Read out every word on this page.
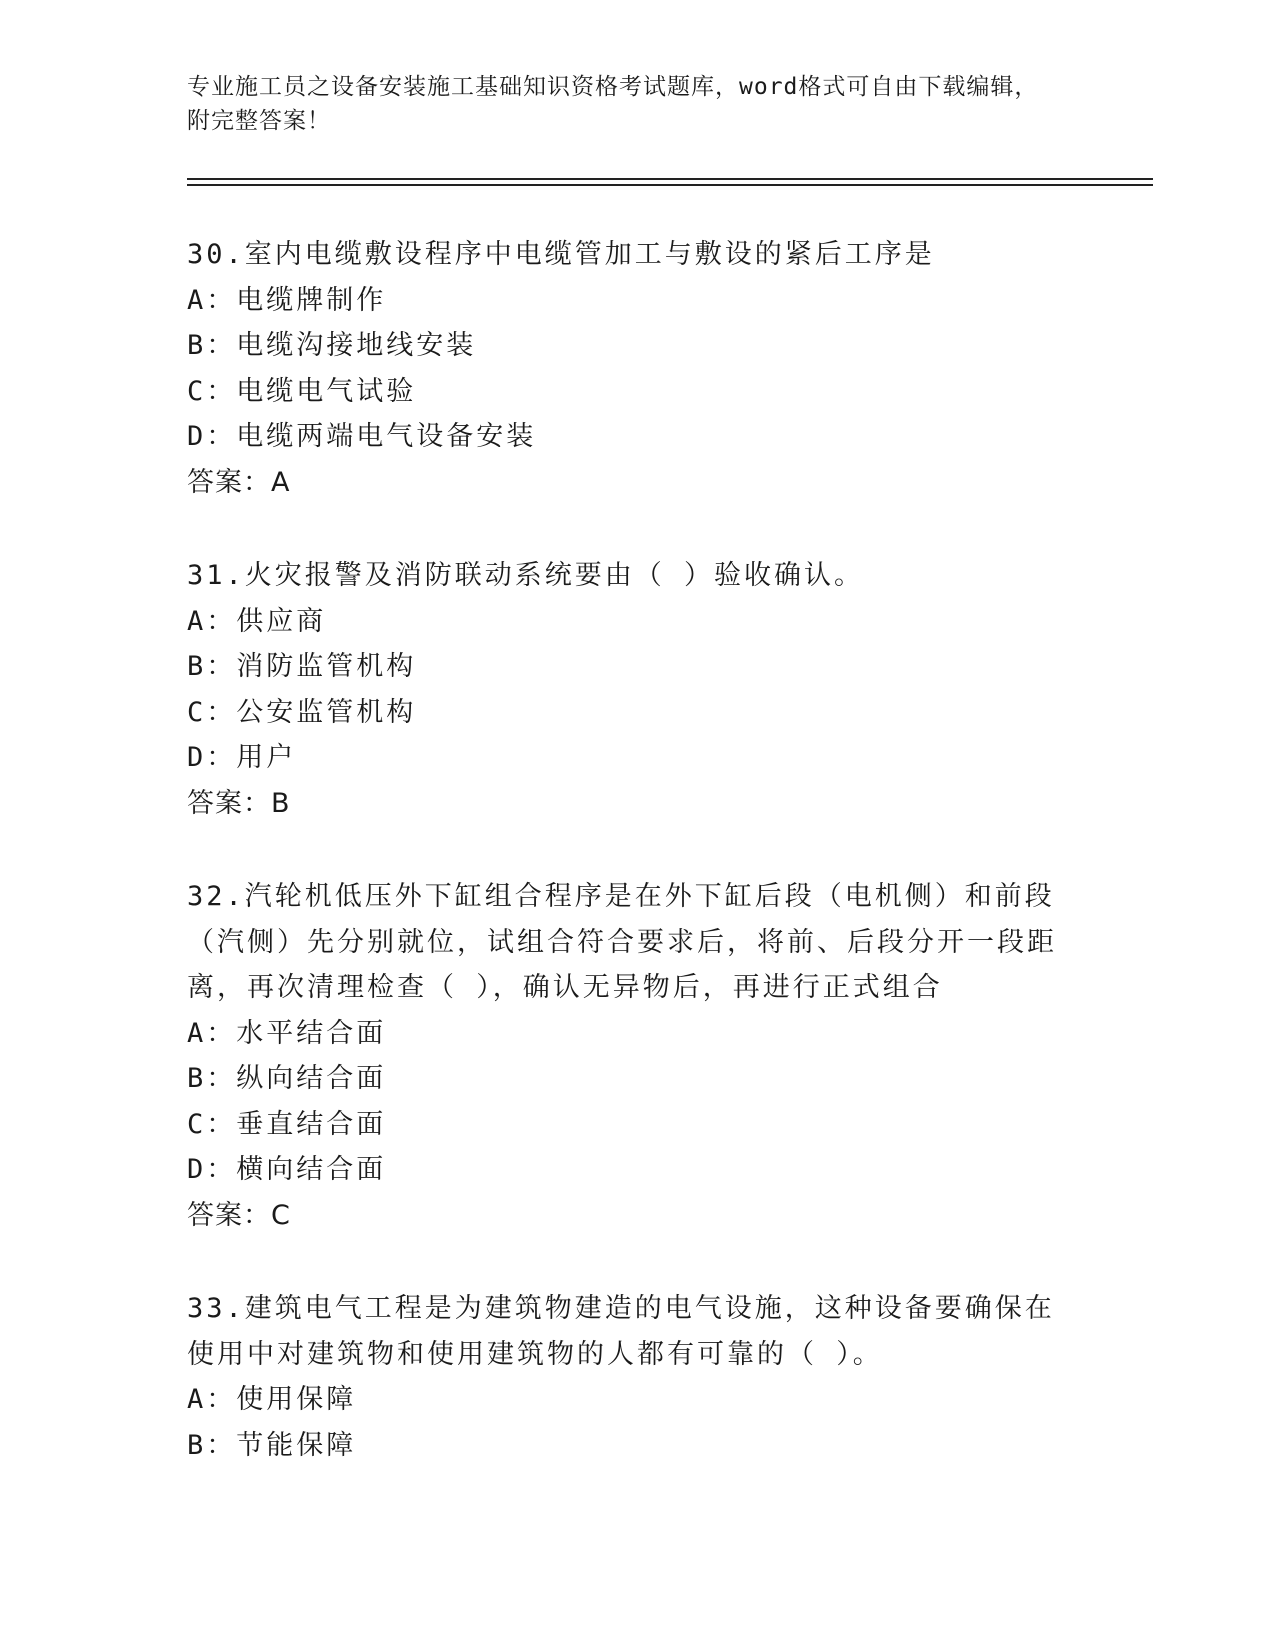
专业施工员之设备安装施工基础知识资格考试题库，word格式可自由下载编辑，
附完整答案！
30.室内电缆敷设程序中电缆管加工与敷设的紧后工序是
A：电缆牌制作
B：电缆沟接地线安装
C：电缆电气试验
D：电缆两端电气设备安装
答案：A
31.火灾报警及消防联动系统要由（ ）验收确认。
A：供应商
B：消防监管机构
C：公安监管机构
D：用户
答案：B
32.汽轮机低压外下缸组合程序是在外下缸后段（电机侧）和前段（汽侧）先分别就位，试组合符合要求后，将前、后段分开一段距离，再次清理检查（ ），确认无异物后，再进行正式组合
A：水平结合面
B：纵向结合面
C：垂直结合面
D：横向结合面
答案：C
33.建筑电气工程是为建筑物建造的电气设施，这种设备要确保在使用中对建筑物和使用建筑物的人都有可靠的（ ）。
A：使用保障
B：节能保障
